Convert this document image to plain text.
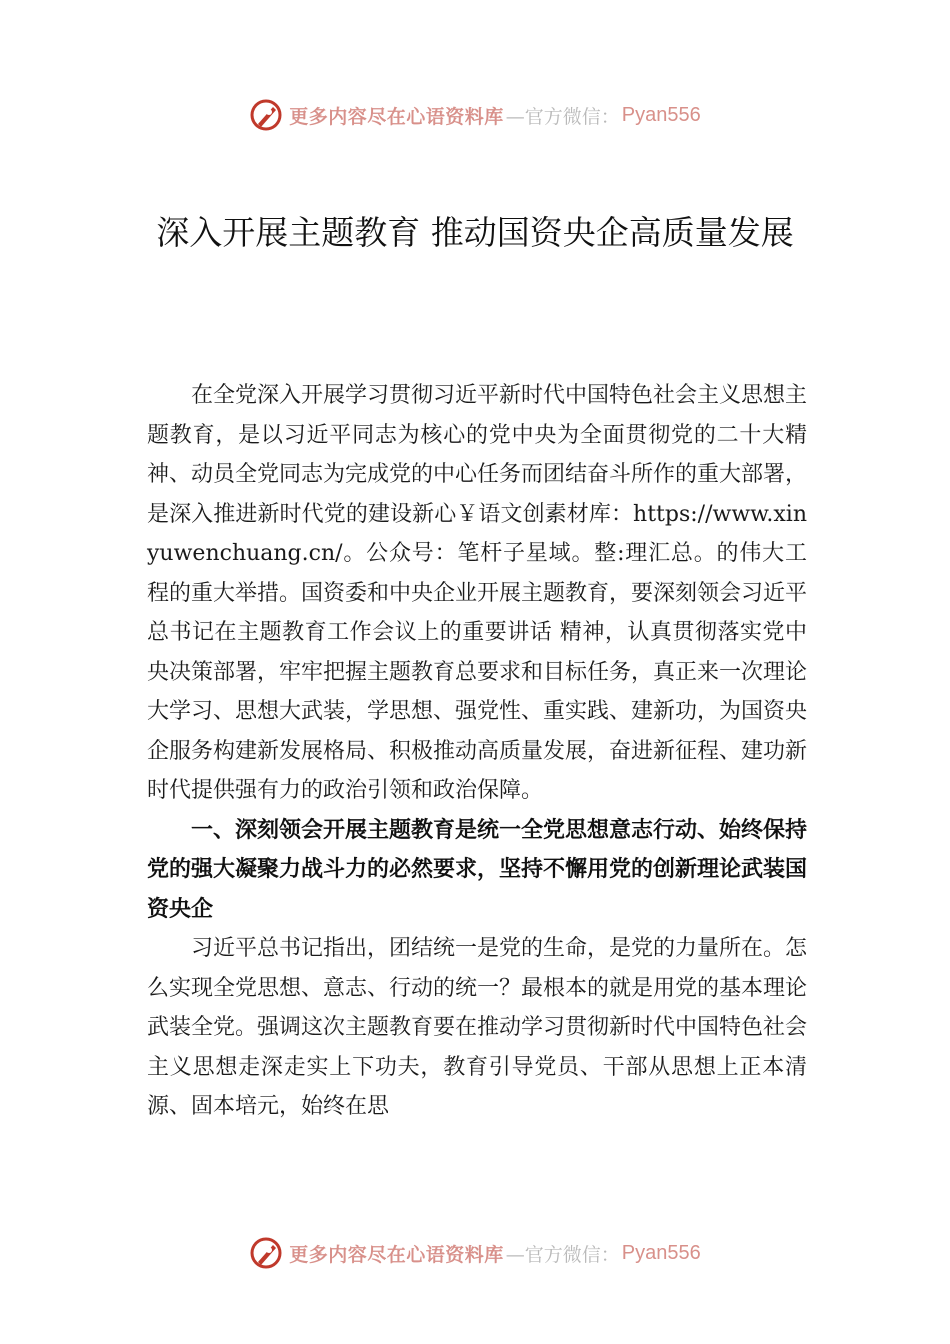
更多内容尽在心语资料库 —官方微信： Pyan556
深入开展主题教育 推动国资央企高质量发展

在全党深入开展学习贯彻习近平新时代中国特色社会主义思想主题教育，是以习近平同志为核心的党中央为全面贯彻党的二十大精神、动员全党同志为完成党的中心任务而团结奋斗所作的重大部署，是深入推进新时代党的建设新心￥语文创素材库：https://www.xinyuwenchuang.cn/。公众号：笔杆子星域。整:理汇总。的伟大工程的重大举措。国资委和中央企业开展主题教育，要深刻领会习近平总书记在主题教育工作会议上的重要讲话 精神，认真贯彻落实党中央决策部署，牢牢把握主题教育总要求和目标任务，真正来一次理论大学习、思想大武装，学思想、强党性、重实践、建新功，为国资央企服务构建新发展格局、积极推动高质量发展，奋进新征程、建功新时代提供强有力的政治引领和政治保障。

一、深刻领会开展主题教育是统一全党思想意志行动、始终保持党的强大凝聚力战斗力的必然要求，坚持不懈用党的创新理论武装国资央企

习近平总书记指出，团结统一是党的生命，是党的力量所在。怎么实现全党思想、意志、行动的统一？最根本的就是用党的基本理论武装全党。强调这次主题教育要在推动学习贯彻新时代中国特色社会主义思想走深走实上下功夫，教育引导党员、干部从思想上正本清源、固本培元，始终在思

更多内容尽在心语资料库 —官方微信： Pyan556
